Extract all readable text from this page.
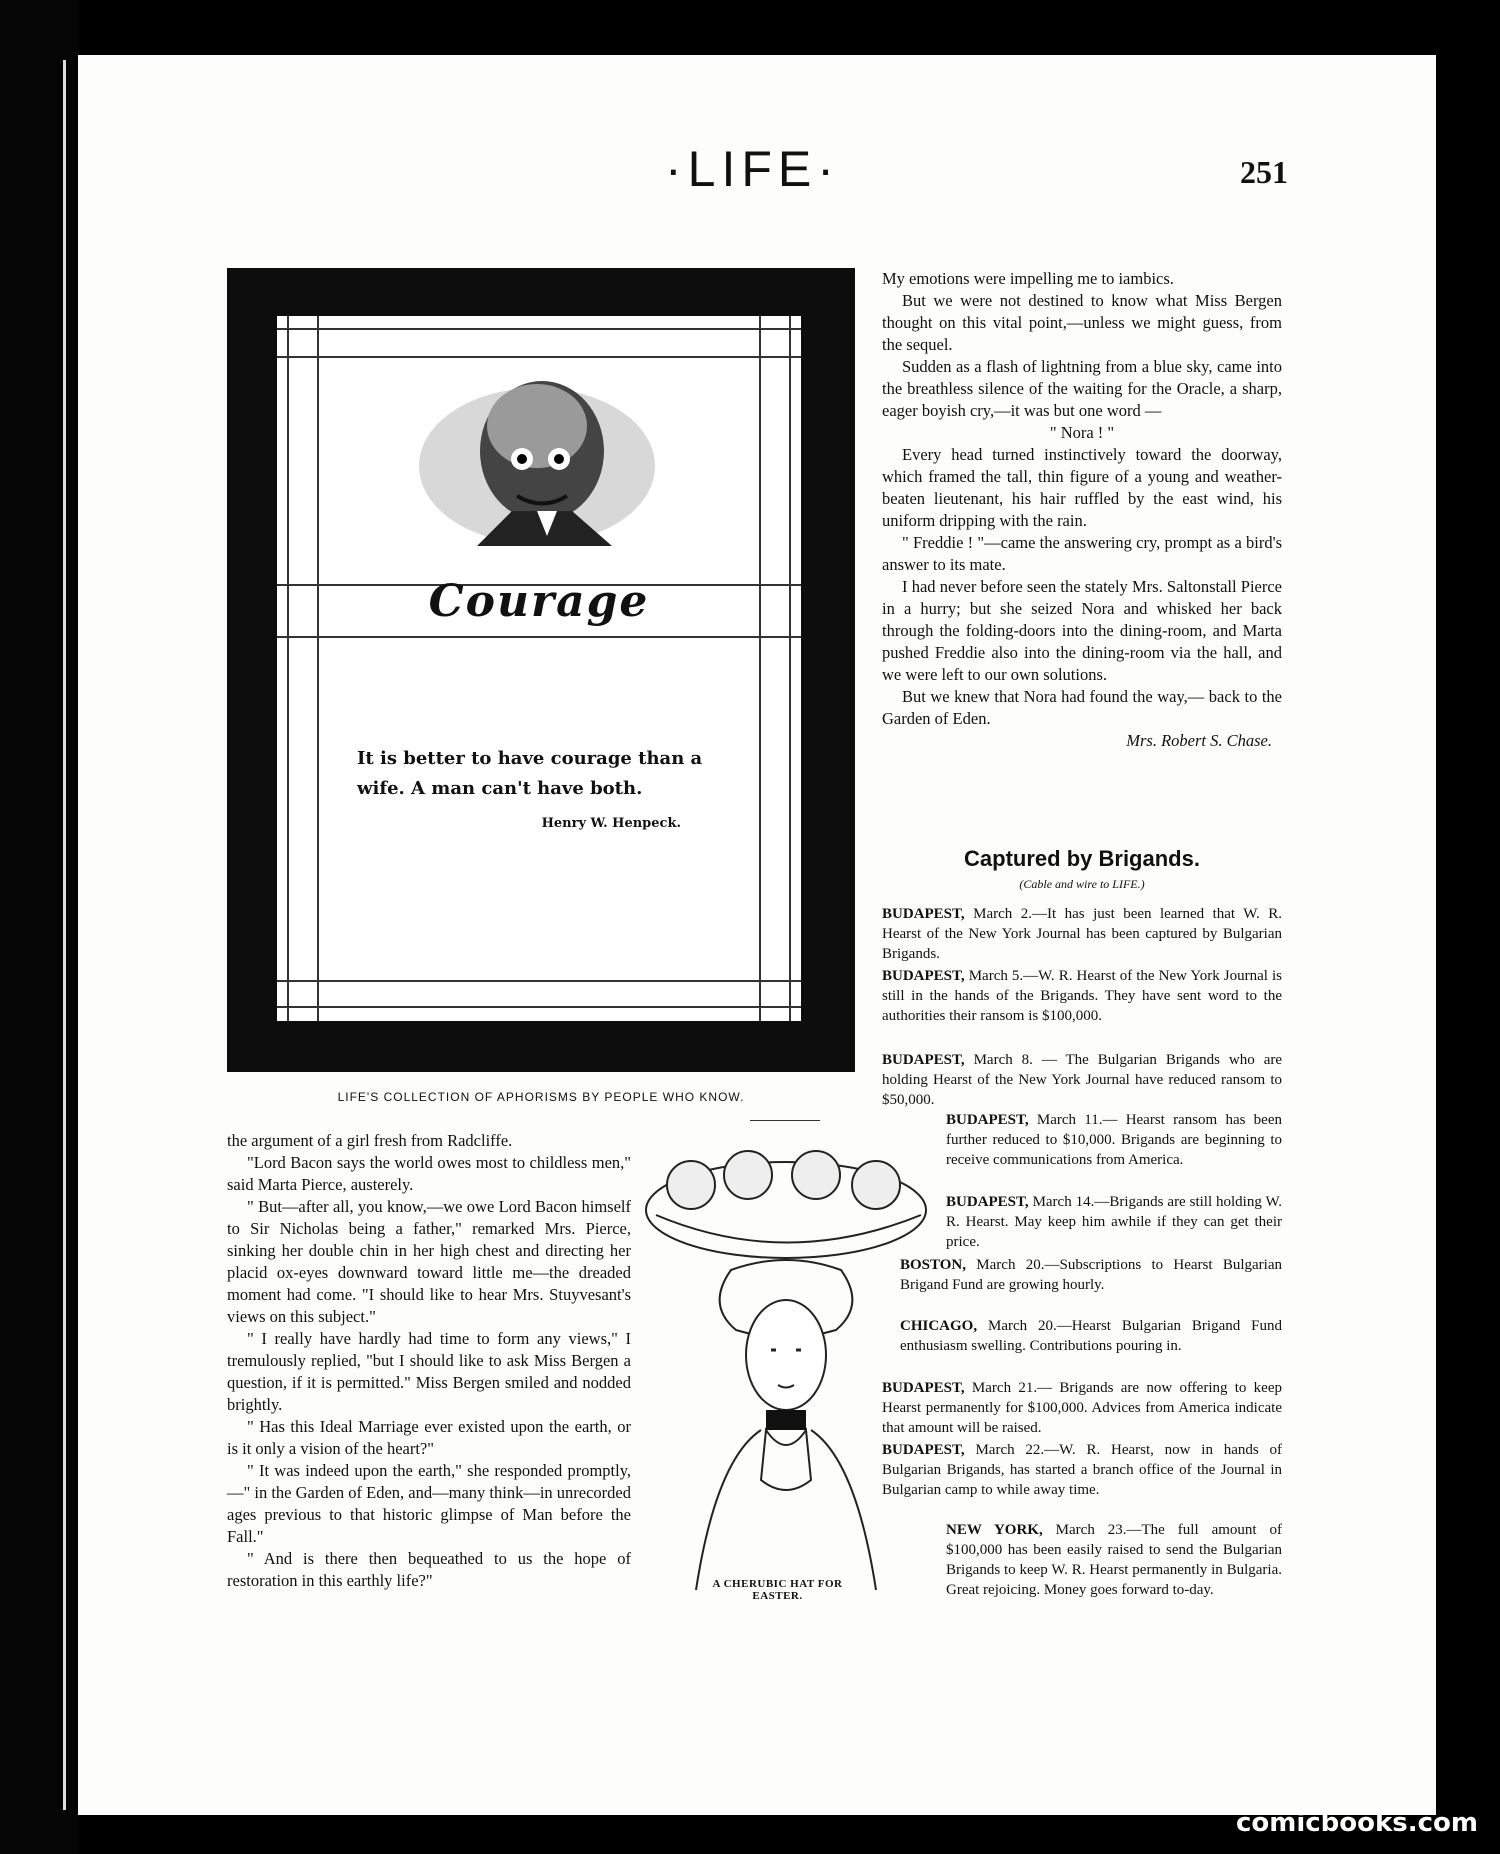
·LIFE·	251
Courage
It is better to have courage than a wife. A man can't have both.
Henry W. Henpeck.
LIFE'S COLLECTION OF APHORISMS BY PEOPLE WHO KNOW.

My emotions were impelling me to iambics.

But we were not destined to know what Miss Bergen thought on this vital point,—unless we might guess, from the sequel.

Sudden as a flash of lightning from a blue sky, came into the breathless silence of the waiting for the Oracle, a sharp, eager boyish cry,—it was but one word —

" Nora ! "

Every head turned instinctively toward the doorway, which framed the tall, thin figure of a young and weather-beaten lieutenant, his hair ruffled by the east wind, his uniform dripping with the rain.

" Freddie ! "—came the answering cry, prompt as a bird's answer to its mate.

I had never before seen the stately Mrs. Saltonstall Pierce in a hurry; but she seized Nora and whisked her back through the folding-doors into the dining-room, and Marta pushed Freddie also into the dining-room via the hall, and we were left to our own solutions.

But we knew that Nora had found the way,— back to the Garden of Eden.

Mrs. Robert S. Chase.

Captured by Brigands.
(Cable and wire to LIFE.)
BUDAPEST, March 2.—It has just been learned that W. R. Hearst of the New York Journal has been captured by Bulgarian Brigands.
BUDAPEST, March 5.—W. R. Hearst of the New York Journal is still in the hands of the Brigands. They have sent word to the authorities their ransom is $100,000.
BUDAPEST, March 8. — The Bulgarian Brigands who are holding Hearst of the New York Journal have reduced ransom to $50,000.
BUDAPEST, March 11.— Hearst ransom has been further reduced to $10,000. Brigands are beginning to receive communications from America.
BUDAPEST, March 14.—Brigands are still holding W. R. Hearst. May keep him awhile if they can get their price.
BOSTON, March 20.—Subscriptions to Hearst Bulgarian Brigand Fund are growing hourly.
CHICAGO, March 20.—Hearst Bulgarian Brigand Fund enthusiasm swelling. Contributions pouring in.
BUDAPEST, March 21.— Brigands are now offering to keep Hearst permanently for $100,000. Advices from America indicate that amount will be raised.
BUDAPEST, March 22.—W. R. Hearst, now in hands of Bulgarian Brigands, has started a branch office of the Journal in Bulgarian camp to while away time.
NEW YORK, March 23.—The full amount of $100,000 has been easily raised to send the Bulgarian Brigands to keep W. R. Hearst permanently in Bulgaria. Great rejoicing. Money goes forward to-day.

the argument of a girl fresh from Radcliffe.

"Lord Bacon says the world owes most to childless men," said Marta Pierce, austerely.

" But—after all, you know,—we owe Lord Bacon himself to Sir Nicholas being a father," remarked Mrs. Pierce, sinking her double chin in her high chest and directing her placid ox-eyes downward toward little me—the dreaded moment had come. "I should like to hear Mrs. Stuyvesant's views on this subject."

" I really have hardly had time to form any views," I tremulously replied, "but I should like to ask Miss Bergen a question, if it is permitted." Miss Bergen smiled and nodded brightly.

" Has this Ideal Marriage ever existed upon the earth, or is it only a vision of the heart?"

" It was indeed upon the earth," she responded promptly,—" in the Garden of Eden, and—many think—in unrecorded ages previous to that historic glimpse of Man before the Fall."

" And is there then bequeathed to us the hope of restoration in this earthly life?"	A CHERUBIC HAT FOR EASTER.
comicbooks.com
